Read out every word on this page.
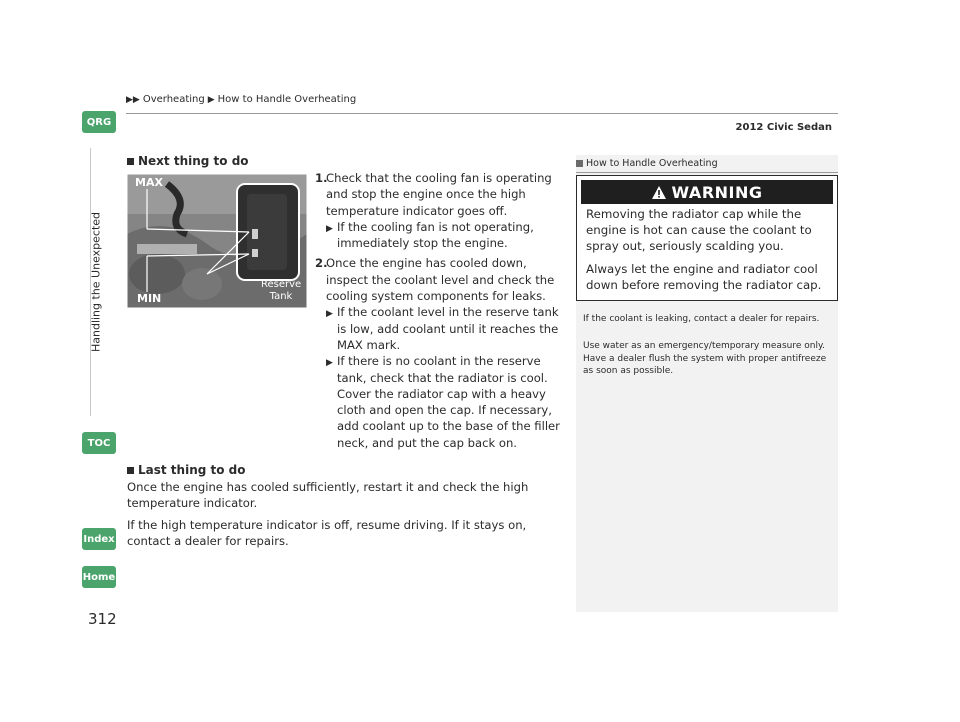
▶▶ Overheating ▶ How to Handle Overheating
2012 Civic Sedan
QRG
Handling the Unexpected
TOC
Index
Home
312
Next thing to do
MAX
MIN
Reserve
Tank
1.
Check that the cooling fan is operating and stop the engine once the high temperature indicator goes off.
▶ If the cooling fan is not operating, immediately stop the engine.
2.
Once the engine has cooled down, inspect the coolant level and check the cooling system components for leaks.
▶ If the coolant level in the reserve tank is low, add coolant until it reaches the MAX mark.
▶ If there is no coolant in the reserve tank, check that the radiator is cool. Cover the radiator cap with a heavy cloth and open the cap. If necessary, add coolant up to the base of the filler neck, and put the cap back on.
Last thing to do
Once the engine has cooled sufficiently, restart it and check the high temperature indicator.
If the high temperature indicator is off, resume driving. If it stays on, contact a dealer for repairs.
How to Handle Overheating
WARNING
Removing the radiator cap while the engine is hot can cause the coolant to spray out, seriously scalding you.
Always let the engine and radiator cool down before removing the radiator cap.
If the coolant is leaking, contact a dealer for repairs.
Use water as an emergency/temporary measure only. Have a dealer flush the system with proper antifreeze as soon as possible.
